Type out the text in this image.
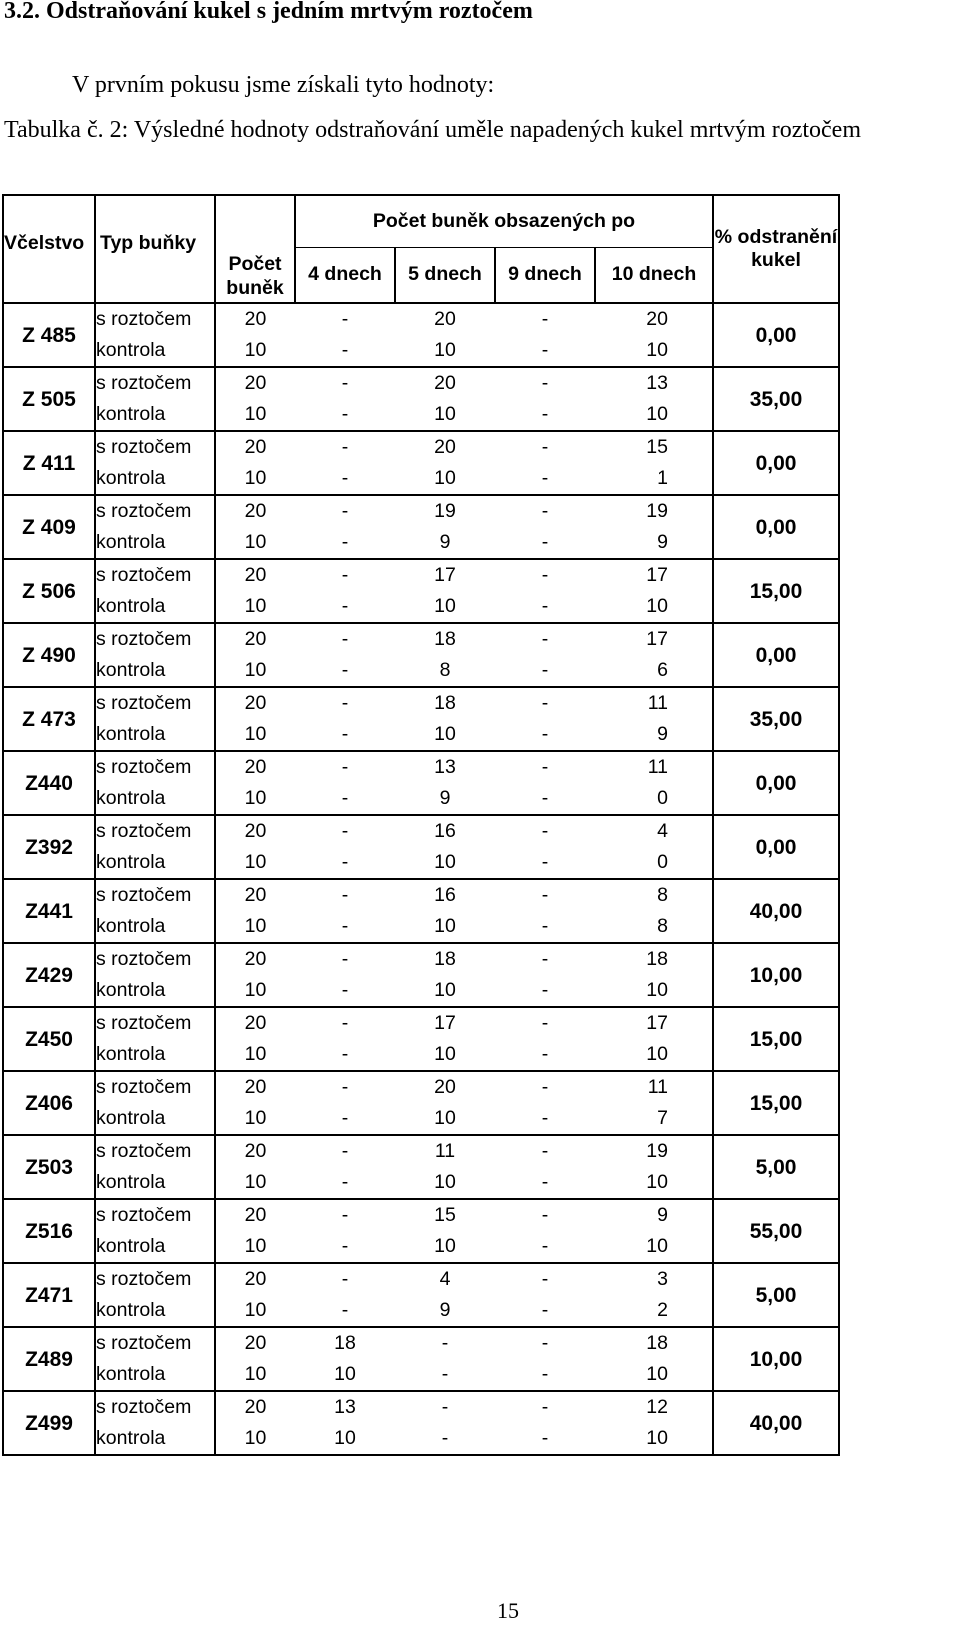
3.2. Odstraňování kukel s jedním mrtvým roztočem
V prvním pokusu jsme získali tyto hodnoty:
Tabulka č. 2: Výsledné hodnoty odstraňování uměle napadených kukel mrtvým roztočem
Včelstvo	Typ buňky	Počet buněk	Počet buněk obsazených po				% odstranění kukel
			4 dnech	5 dnech	9 dnech	10 dnech	
Z 485	s roztočem	20	-	20	-	20	0,00
	kontrola	10	-	10	-	10	
Z 505	s roztočem	20	-	20	-	13	35,00
	kontrola	10	-	10	-	10	
Z 411	s roztočem	20	-	20	-	15	0,00
	kontrola	10	-	10	-	1	
Z 409	s roztočem	20	-	19	-	19	0,00
	kontrola	10	-	9	-	9	
Z 506	s roztočem	20	-	17	-	17	15,00
	kontrola	10	-	10	-	10	
Z 490	s roztočem	20	-	18	-	17	0,00
	kontrola	10	-	8	-	6	
Z 473	s roztočem	20	-	18	-	11	35,00
	kontrola	10	-	10	-	9	
Z440	s roztočem	20	-	13	-	11	0,00
	kontrola	10	-	9	-	0	
Z392	s roztočem	20	-	16	-	4	0,00
	kontrola	10	-	10	-	0	
Z441	s roztočem	20	-	16	-	8	40,00
	kontrola	10	-	10	-	8	
Z429	s roztočem	20	-	18	-	18	10,00
	kontrola	10	-	10	-	10	
Z450	s roztočem	20	-	17	-	17	15,00
	kontrola	10	-	10	-	10	
Z406	s roztočem	20	-	20	-	11	15,00
	kontrola	10	-	10	-	7	
Z503	s roztočem	20	-	11	-	19	5,00
	kontrola	10	-	10	-	10	
Z516	s roztočem	20	-	15	-	9	55,00
	kontrola	10	-	10	-	10	
Z471	s roztočem	20	-	4	-	3	5,00
	kontrola	10	-	9	-	2	
Z489	s roztočem	20	18	-	-	18	10,00
	kontrola	10	10	-	-	10	
Z499	s roztočem	20	13	-	-	12	40,00
	kontrola	10	10	-	-	10	
15
